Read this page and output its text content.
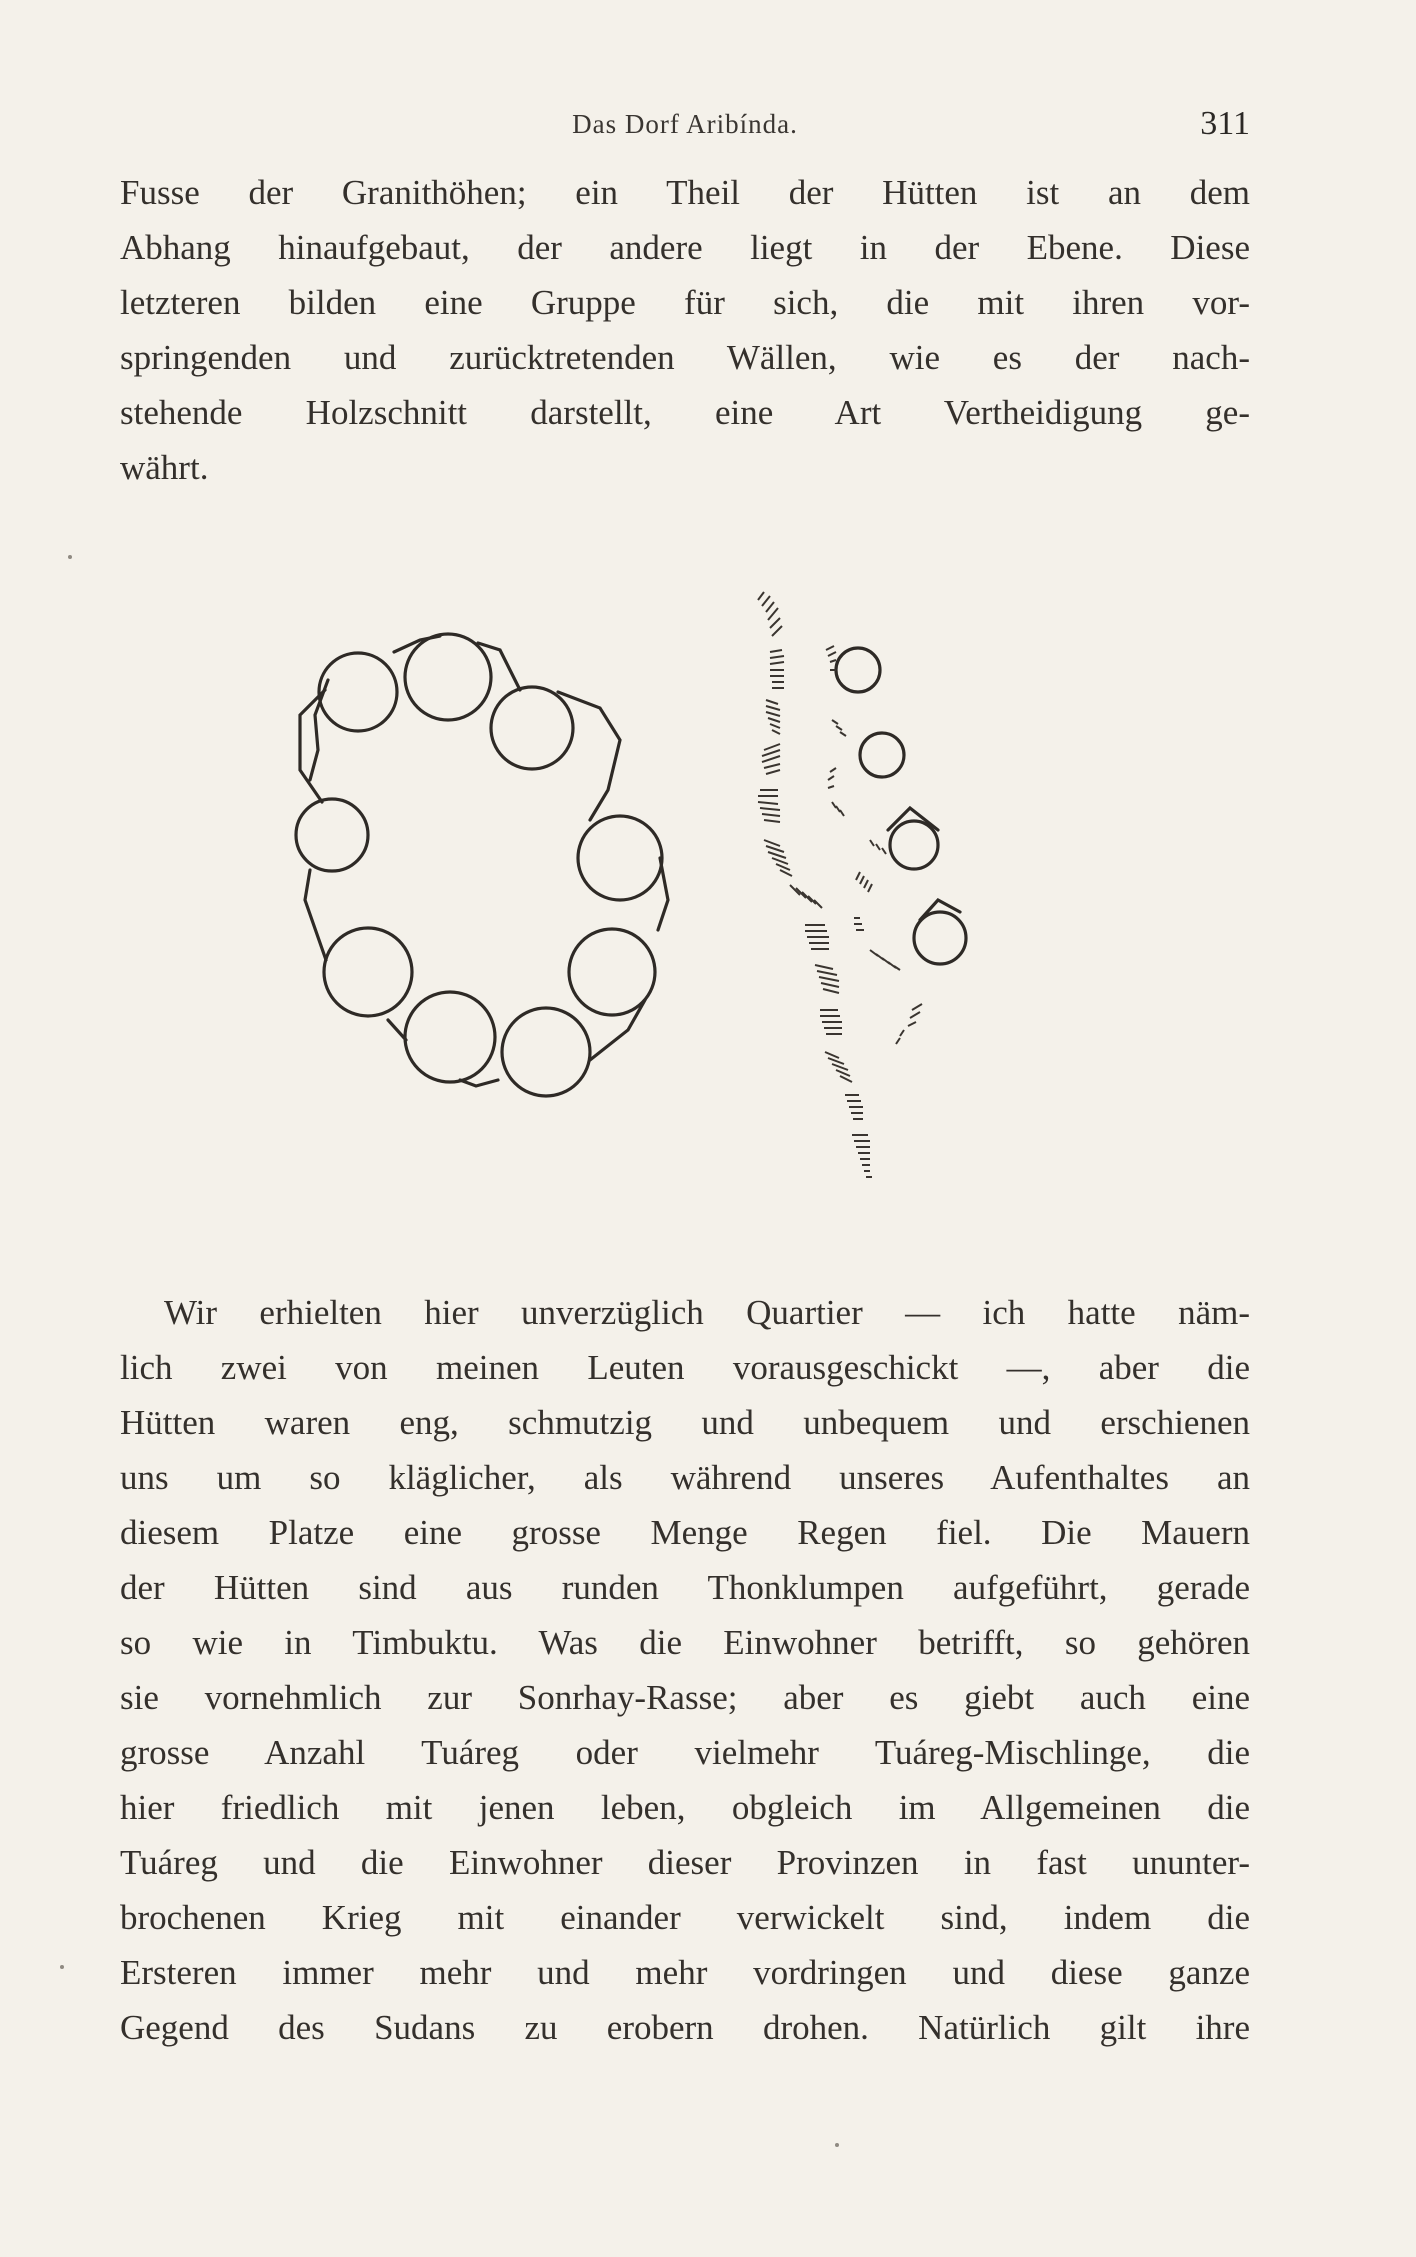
Das Dorf Aribínda.	311
Fusse der Granithöhen; ein Theil der Hütten ist an dem
Abhang hinaufgebaut, der andere liegt in der Ebene. Diese
letzteren bilden eine Gruppe für sich, die mit ihren vor-
springenden und zurücktretenden Wällen, wie es der nach-
stehende Holzschnitt darstellt, eine Art Vertheidigung ge-
währt.
Wir erhielten hier unverzüglich Quartier — ich hatte näm-
lich zwei von meinen Leuten vorausgeschickt —, aber die
Hütten waren eng, schmutzig und unbequem und erschienen
uns um so kläglicher, als während unseres Aufenthaltes an
diesem Platze eine grosse Menge Regen fiel. Die Mauern
der Hütten sind aus runden Thonklumpen aufgeführt, gerade
so wie in Timbuktu. Was die Einwohner betrifft, so gehören
sie vornehmlich zur Sonrhay-Rasse; aber es giebt auch eine
grosse Anzahl Tuáreg oder vielmehr Tuáreg-Mischlinge, die
hier friedlich mit jenen leben, obgleich im Allgemeinen die
Tuáreg und die Einwohner dieser Provinzen in fast ununter-
brochenen Krieg mit einander verwickelt sind, indem die
Ersteren immer mehr und mehr vordringen und diese ganze
Gegend des Sudans zu erobern drohen. Natürlich gilt ihre
